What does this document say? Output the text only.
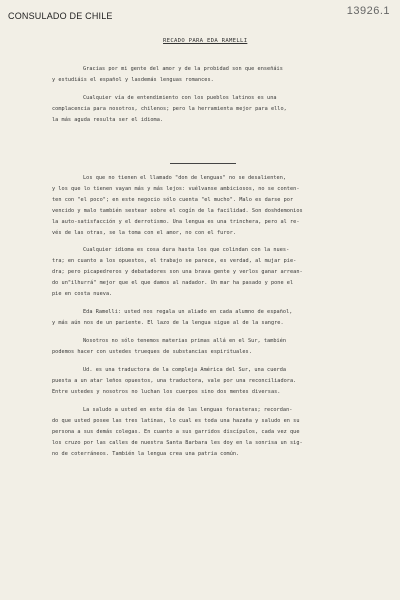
CONSULADO DE CHILE	13926.1
RECADO PARA EDA RAMELLI
Gracias por mi gente del amor y de la probidad son que enseñáis
y estudiáis el español y lasdemás lenguas romances.
Cualquier vía de entendimiento con los pueblos latinos es una
complacencia para nosotros, chilenos; pero la herramienta mejor para ello,
la más aguda resulta ser el idioma.
Los que no tienen el llamado "don de lenguas" no se desalienten,
y los que lo tienen vayan más y más lejos: vuélvanse ambiciosos, no se conten-
ten con "el poco"; en este negocio sólo cuenta "el mucho". Malo es darse por
vencido y malo también sestear sobre el cogín de la facilidad. Son doshdemonios
la auto-satisfacción y el derrotismo. Una lengua es una trinchera, pero al re-
vés de las otras, se la toma con el amor, no con el furor.
Cualquier idioma es cosa dura hasta los que colindan con la nues-
tra; en cuanto a los opuestos, el trabajo se parece, es verdad, al mujar pie-
dra; pero picapedreros y debatadores son una brava gente y verlos ganar arrean-
do un"ilhurrá" mejor que el que damos al nadador. Un mar ha pasado y pone el
pie en costa nueva.
Eda Ramelli: usted nos regala un aliado en cada alumno de español,
y más aún nos de un pariente. El lazo de la lengua sigue al de la sangre.
Nosotros no sólo tenemos materias primas allá en el Sur, también
podemos hacer con ustedes trueques de substancias espirituales.
Ud. es una traductora de la compleja América del Sur, una cuerda
puesta a un atar leños opuestos, una traductora, vale por una reconciliadora.
Entre ustedes y nosotros no luchan los cuerpos sino dos mentes diversas.
La saludo a usted en este día de las lenguas forasteras; recordan-
do que usted posee las tres latinas, lo cual es toda una hazaña y saludo en su
persona a sus demás colegas. En cuanto a sus garridos discípulos, cada vez que
los cruzo por las calles de nuestra Santa Barbara les doy en la sonrisa un sig-
no de coterráneos. También la lengua crea una patria común.
